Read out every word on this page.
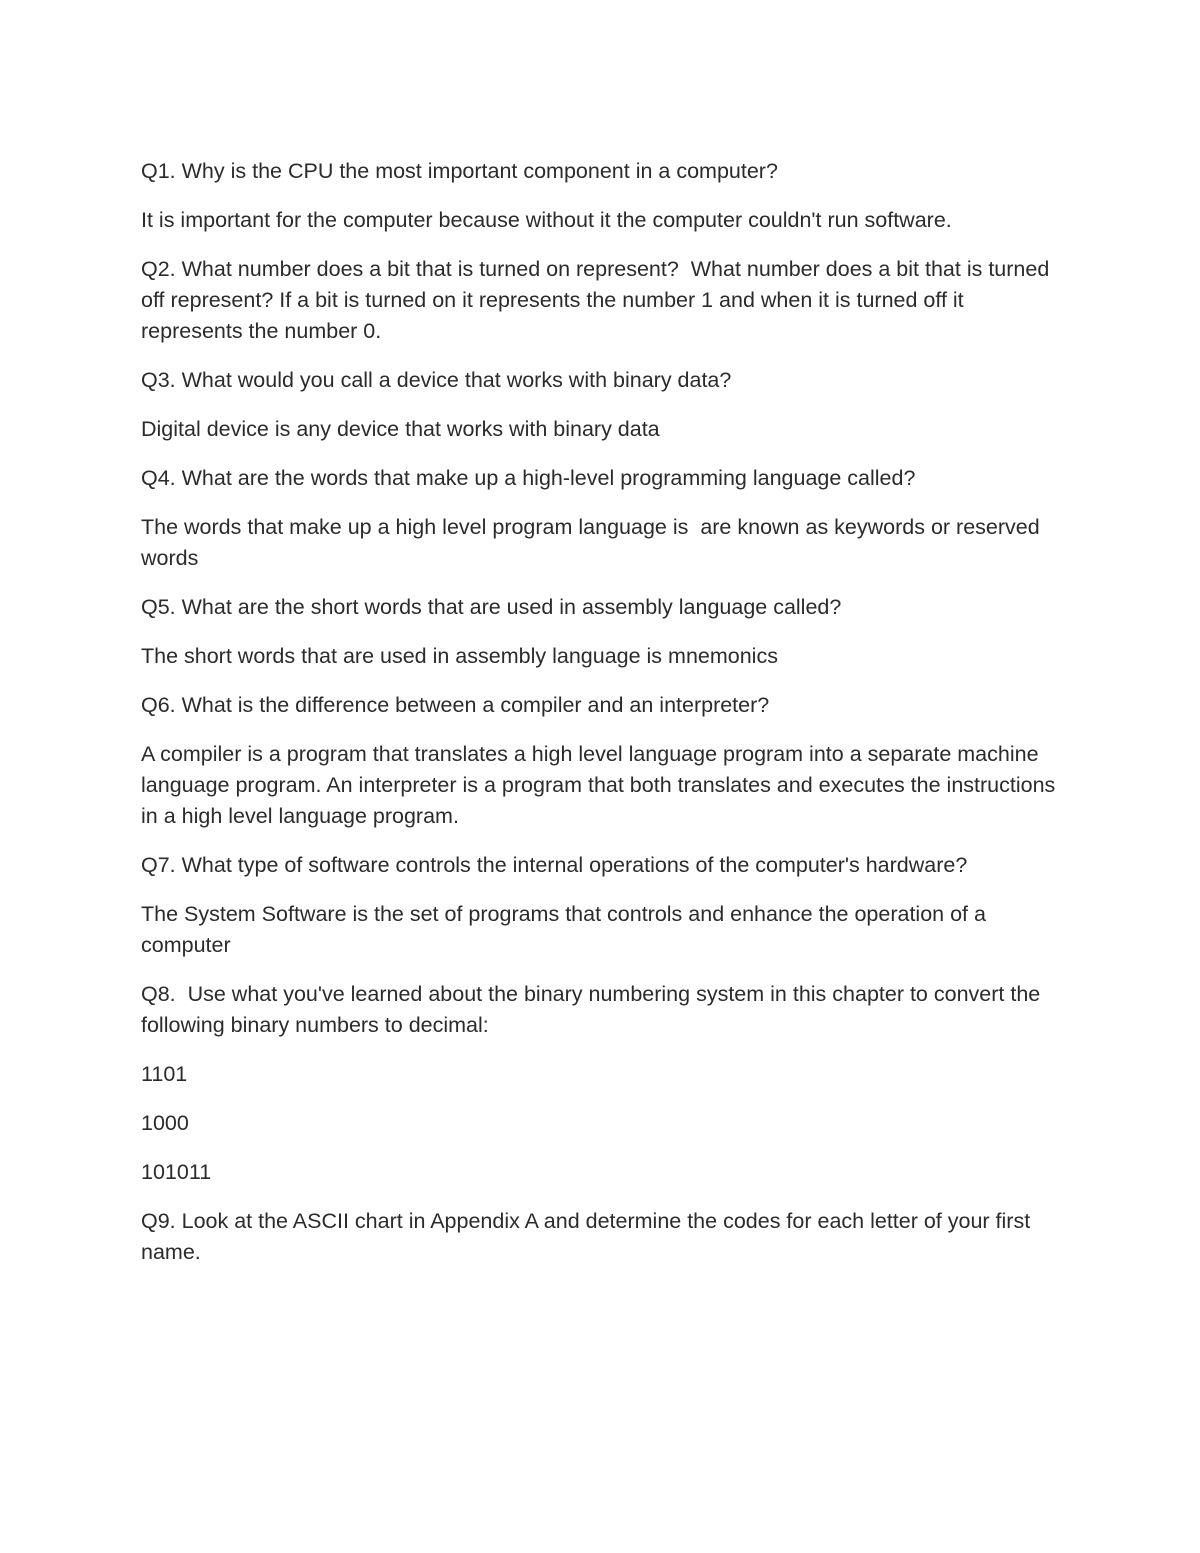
Q1. Why is the CPU the most important component in a computer?

It is important for the computer because without it the computer couldn't run software.

Q2. What number does a bit that is turned on represent?  What number does a bit that is turned off represent? If a bit is turned on it represents the number 1 and when it is turned off it represents the number 0.

Q3. What would you call a device that works with binary data?

Digital device is any device that works with binary data

Q4. What are the words that make up a high-level programming language called?

The words that make up a high level program language is  are known as keywords or reserved words

Q5. What are the short words that are used in assembly language called?

The short words that are used in assembly language is mnemonics

Q6. What is the difference between a compiler and an interpreter?

A compiler is a program that translates a high level language program into a separate machine language program. An interpreter is a program that both translates and executes the instructions in a high level language program.

Q7. What type of software controls the internal operations of the computer's hardware?

The System Software is the set of programs that controls and enhance the operation of a computer

Q8.  Use what you've learned about the binary numbering system in this chapter to convert the following binary numbers to decimal:

1101

1000

101011

Q9. Look at the ASCII chart in Appendix A and determine the codes for each letter of your first name.
